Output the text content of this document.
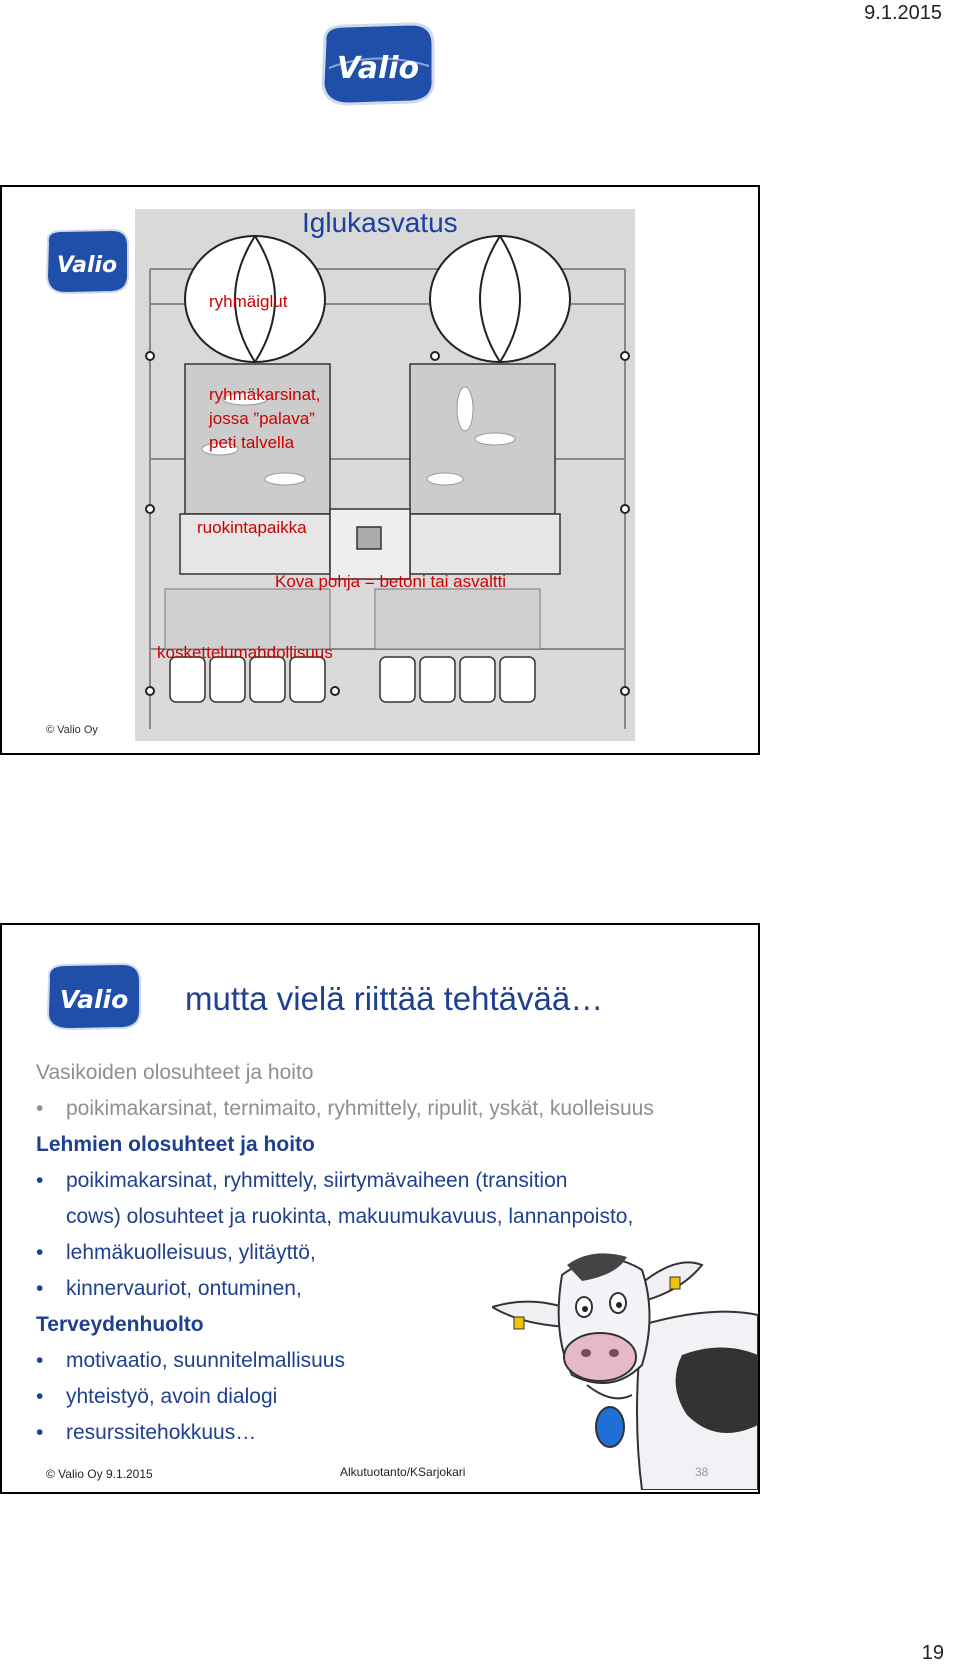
9.1.2015
Valio
Valio
Iglukasvatus
ryhmäiglut
ryhmäkarsinat,
jossa ”palava”
peti talvella
ruokintapaikka
Kova pohja = betoni tai asvaltti
koskettelumahdollisuus
© Valio Oy
Valio mutta vielä riittää tehtävää…
Vasikoiden olosuhteet ja hoito
• poikimakarsinat, ternimaito, ryhmittely, ripulit, yskät, kuolleisuus
Lehmien olosuhteet ja hoito
• poikimakarsinat, ryhmittely, siirtymävaiheen (transition
cows) olosuhteet ja ruokinta, makuumukavuus, lannanpoisto,
• lehmäkuolleisuus, ylitäyttö,
• kinnervauriot, ontuminen,
Terveydenhuolto
• motivaatio, suunnitelmallisuus
• yhteistyö, avoin dialogi
• resurssitehokkuus…
© Valio Oy 9.1.2015	Alkutuotanto/KSarjokari	38
19
